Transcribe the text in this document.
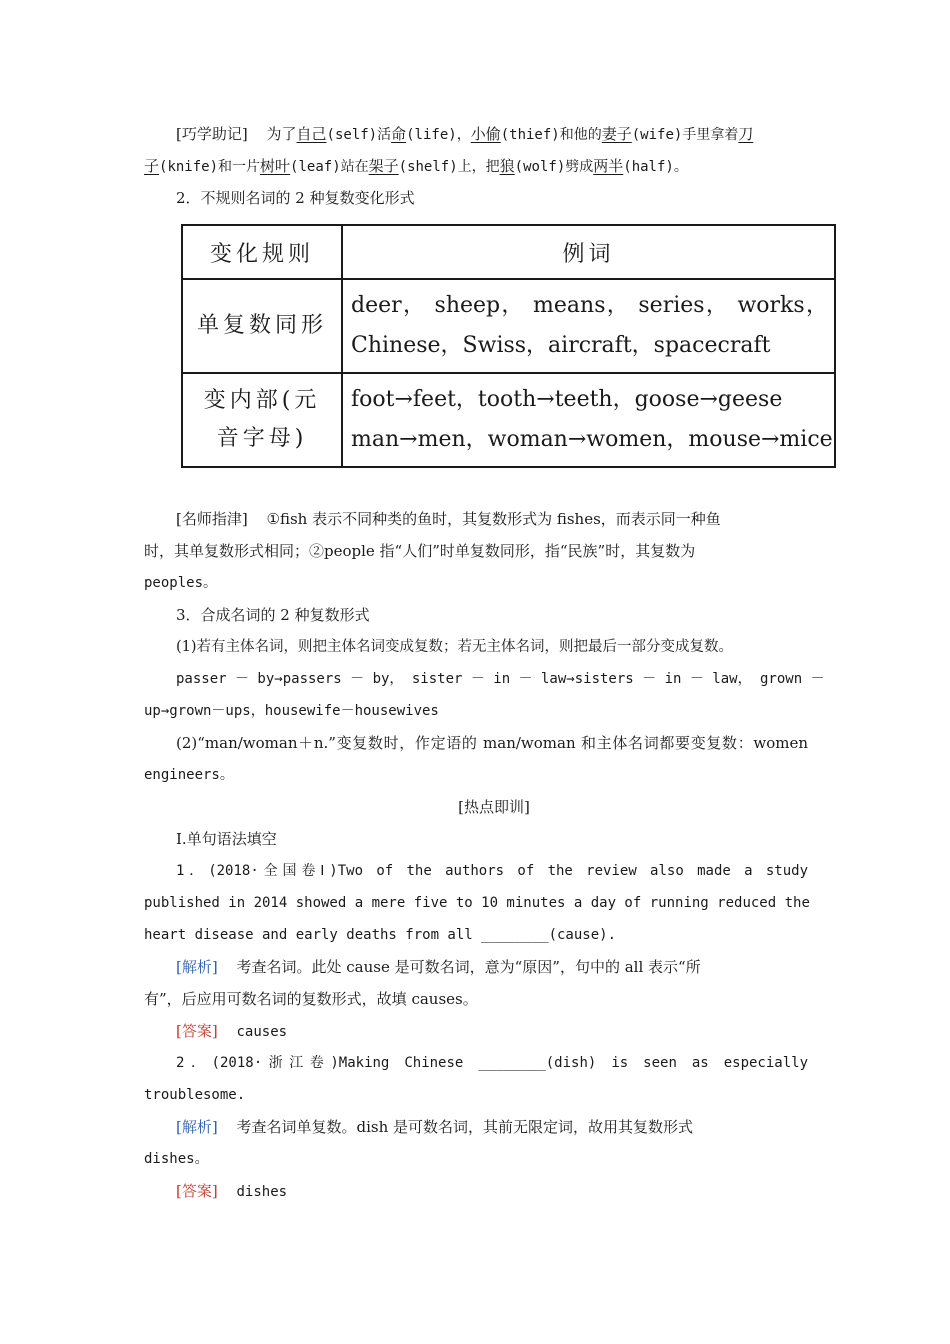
[巧学助记] 为了自己(self)活命(life)，小偷(thief)和他的妻子(wife)手里拿着刀
子(knife)和一片树叶(leaf)站在架子(shelf)上，把狼(wolf)劈成两半(half)。
2．不规则名词的 2 种复数变化形式
变化规则	例词
单复数同形	deer， sheep， means， series， works，
Chinese，Swiss，aircraft，spacecraft

变内部(元
音字母)	foot→feet，tooth→teeth，goose→geese
man→men，woman→women，mouse→mice
[名师指津] ①fish 表示不同种类的鱼时，其复数形式为 fishes，而表示同一种鱼
时，其单复数形式相同；②people 指“人们”时单复数同形，指“民族”时，其复数为
peoples。
3．合成名词的 2 种复数形式
(1)若有主体名词，则把主体名词变成复数；若无主体名词，则把最后一部分变成复数。
passer － by→passers － by， sister － in － law→sisters － in － law， grown －
up→grown－ups，housewife－housewives
(2)“man/woman＋n.”变复数时，作定语的 man/woman 和主体名词都要变复数：women
engineers。
[热点即训]
Ⅰ.单句语法填空
1．(2018·全国卷Ⅰ)Two of the authors of the review also made a study
published in 2014 showed a mere five to 10 minutes a day of running reduced the
heart disease and early deaths from all ________(cause).
[解析] 考查名词。此处 cause 是可数名词，意为“原因”，句中的 all 表示“所
有”，后应用可数名词的复数形式，故填 causes。
[答案] causes
2．(2018·浙江卷)Making Chinese ________(dish) is seen as especially
troublesome.
[解析] 考查名词单复数。dish 是可数名词，其前无限定词，故用其复数形式
dishes。
[答案] dishes
